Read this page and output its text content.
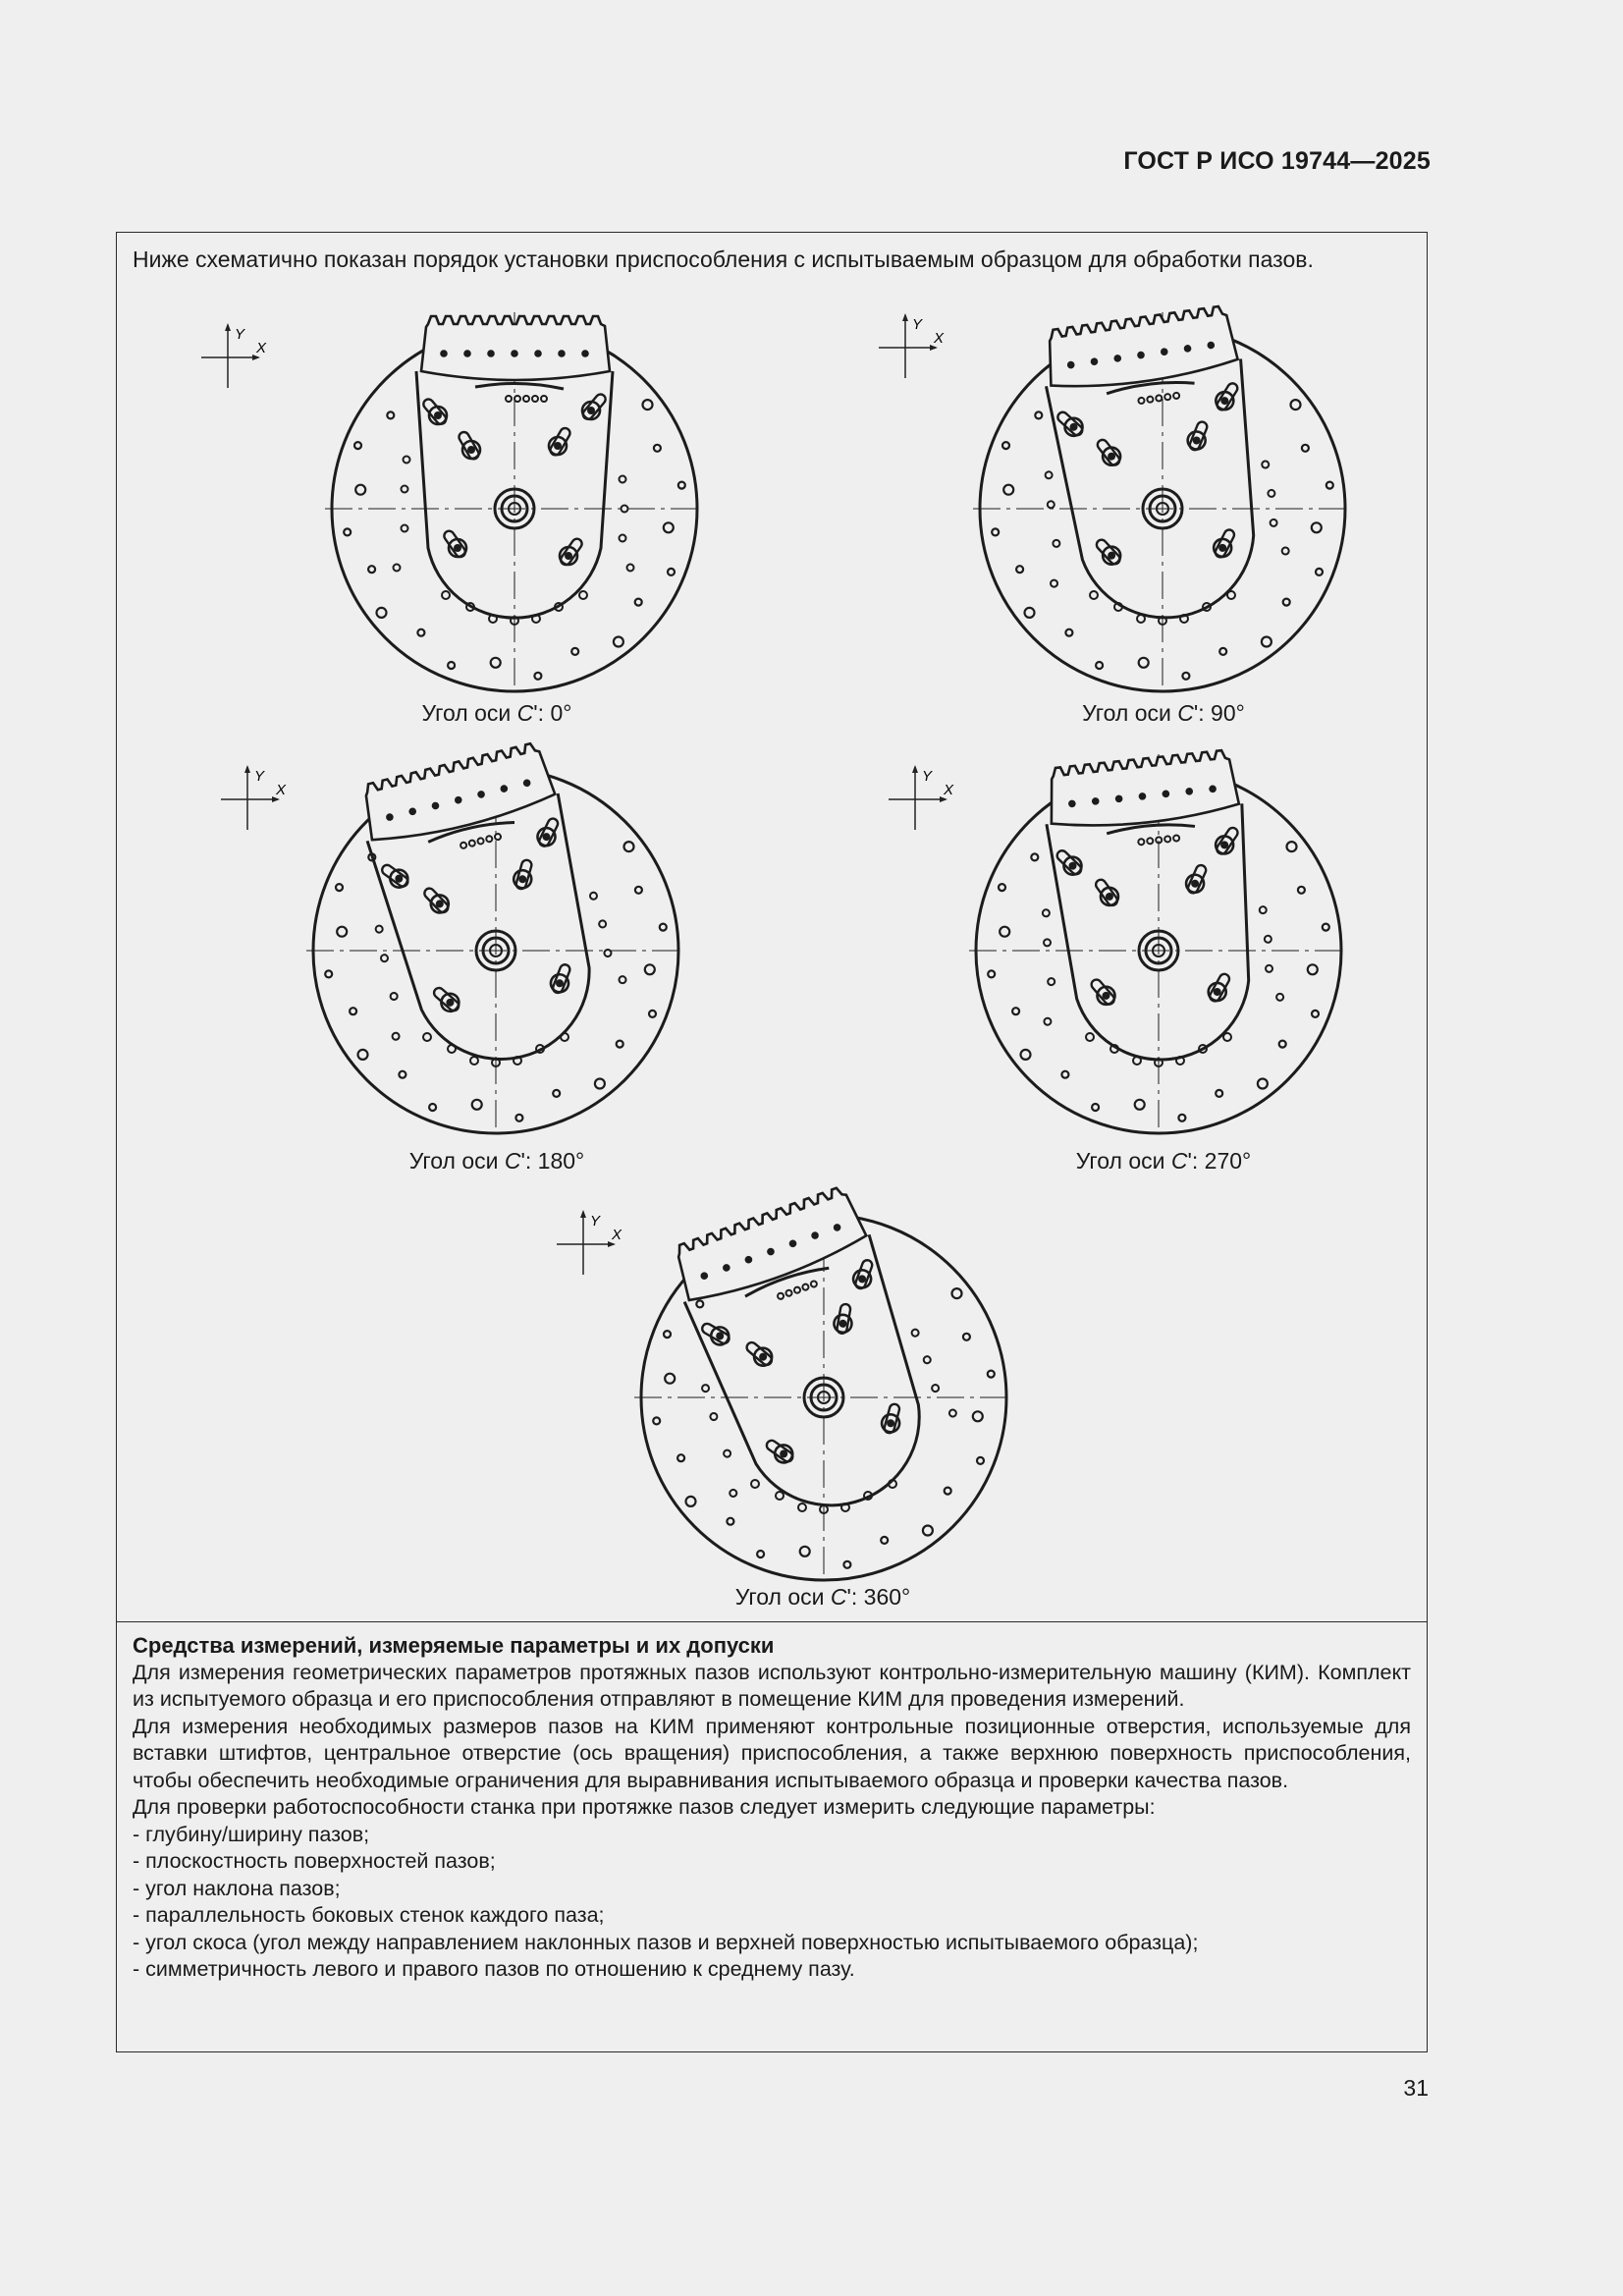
ГОСТ Р ИСО 19744—2025
Ниже схематично показан порядок установки приспособления с испытываемым образцом для обработки пазов.
Y
X
Y
X
Y
X
Y
X
Y
X
Угол оси C': 0°	Угол оси C': 90°
Угол оси C': 180°	Угол оси C': 270°
Угол оси C': 360°
Средства измерений, измеряемые параметры и их допуски

Для измерения геометрических параметров протяжных пазов используют контрольно-измерительную машину (КИМ). Комплект из испытуемого образца и его приспособления отправляют в помещение КИМ для проведения измерений.

Для измерения необходимых размеров пазов на КИМ применяют контрольные позиционные отверстия, используемые для вставки штифтов, центральное отверстие (ось вращения) приспособления, а также верхнюю поверхность приспособления, чтобы обеспечить необходимые ограничения для выравнивания испытываемого образца и проверки качества пазов.

Для проверки работоспособности станка при протяжке пазов следует измерить следующие параметры:

- глубину/ширину пазов;
- плоскостность поверхностей пазов;
- угол наклона пазов;
- параллельность боковых стенок каждого паза;
- угол скоса (угол между направлением наклонных пазов и верхней поверхностью испытываемого образца);
- симметричность левого и правого пазов по отношению к среднему пазу.
31
